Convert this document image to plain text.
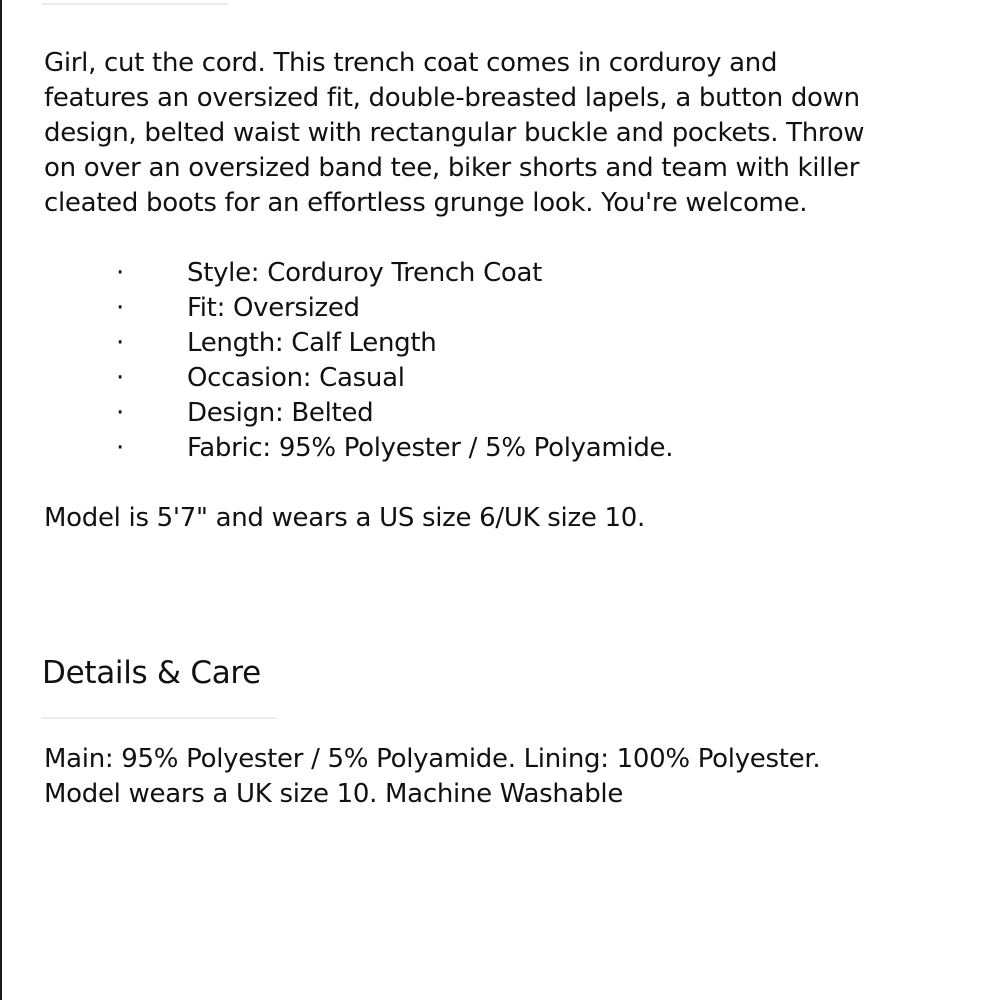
Girl, cut the cord. This trench coat comes in corduroy and
features an oversized fit, double-breasted lapels, a button down
design, belted waist with rectangular buckle and pockets. Throw
on over an oversized band tee, biker shorts and team with killer
cleated boots for an effortless grunge look. You're welcome.

· Style: Corduroy Trench Coat
· Fit: Oversized
· Length: Calf Length
· Occasion: Casual
· Design: Belted
· Fabric: 95% Polyester / 5% Polyamide.

Model is 5'7" and wears a US size 6/UK size 10.

Details & Care

Main: 95% Polyester / 5% Polyamide. Lining: 100% Polyester.
Model wears a UK size 10. Machine Washable
